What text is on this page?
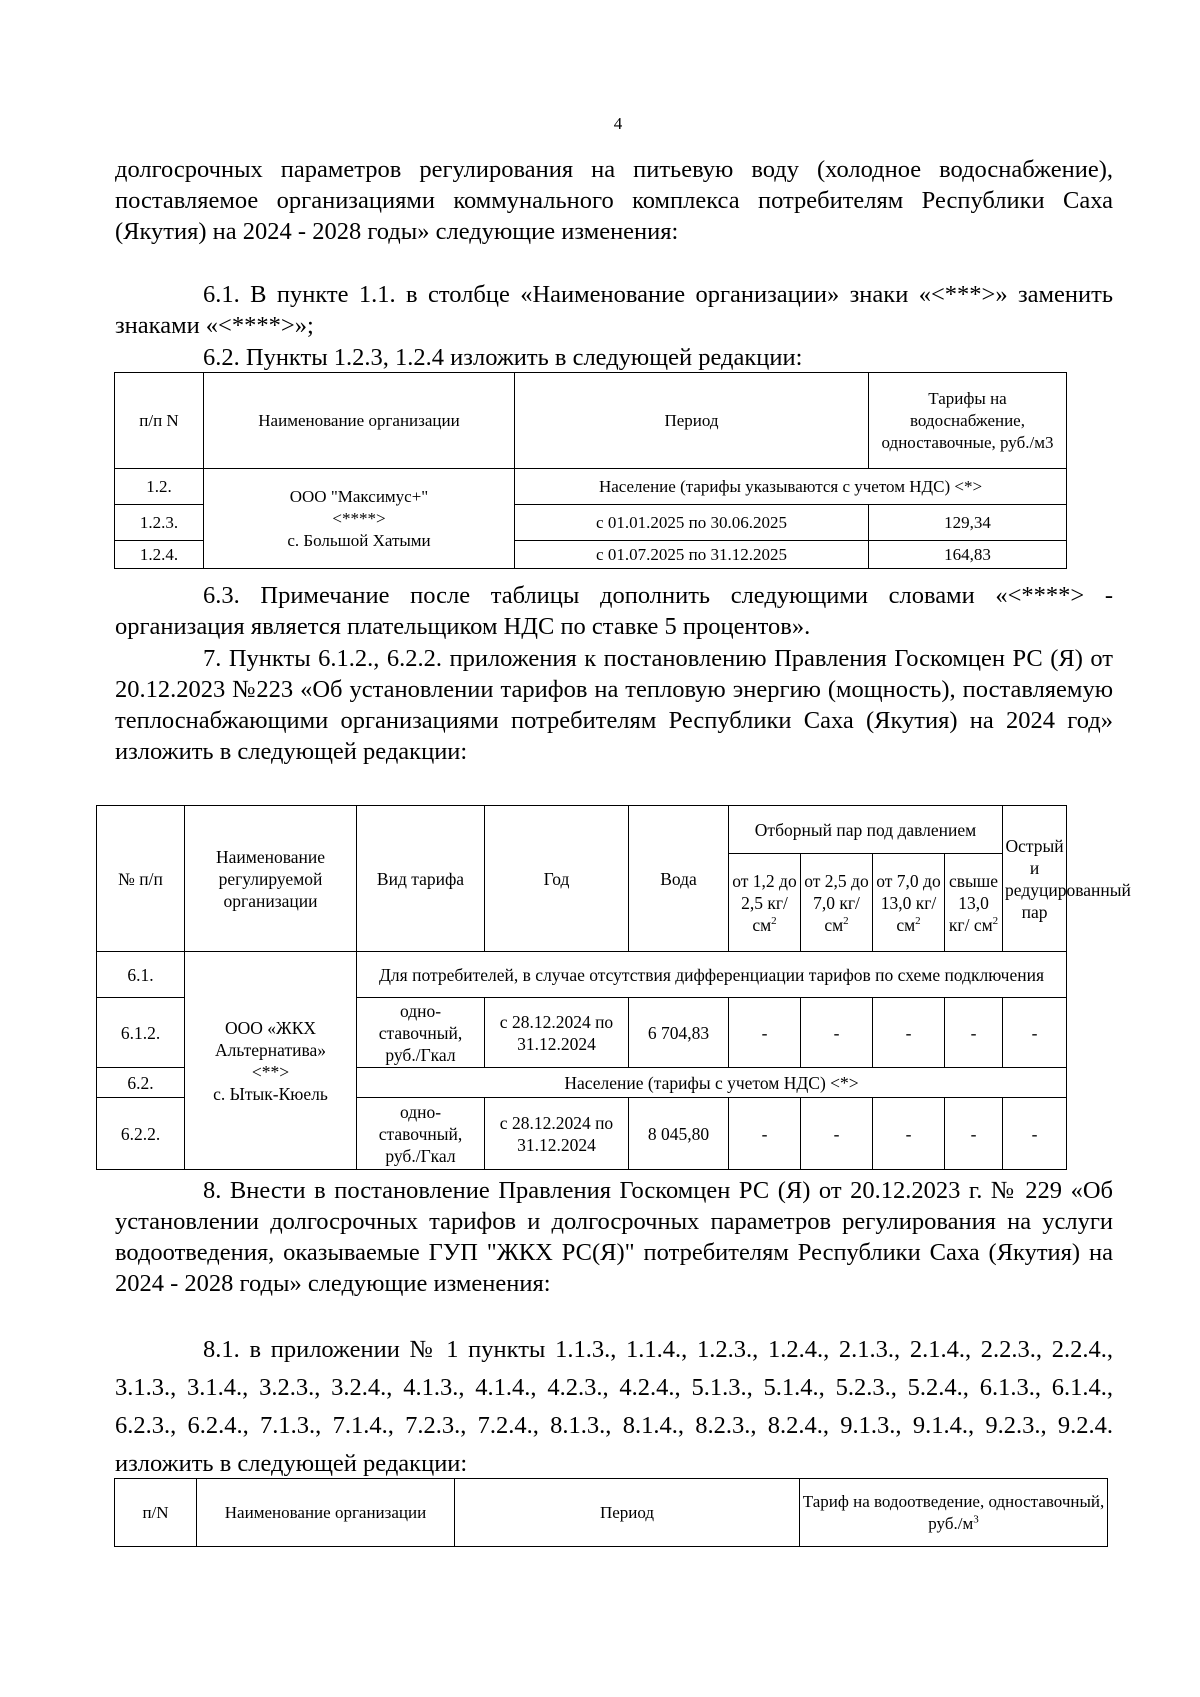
4

долгосрочных параметров регулирования на питьевую воду (холодное водоснабжение), поставляемое организациями коммунального комплекса потребителям Республики Саха (Якутия) на 2024 - 2028 годы» следующие изменения:

6.1. В пункте 1.1. в столбце «Наименование организации» знаки «<***>» заменить знаками «<****>»;

6.2. Пункты 1.2.3, 1.2.4 изложить в следующей редакции:
п/п N	Наименование организации	Период	Тарифы на водоснабжение, одноставочные, руб./м3
1.2.	ООО "Максимус+"
<****>
с. Большой Хатыми	Население (тарифы указываются с учетом НДС) <*>	
1.2.3.		с 01.01.2025 по 30.06.2025	129,34
1.2.4.		с 01.07.2025 по 31.12.2025	164,83

6.3. Примечание после таблицы дополнить следующими словами «<****> - организация является плательщиком НДС по ставке 5 процентов».

7. Пункты 6.1.2., 6.2.2. приложения к постановлению Правления Госкомцен РС (Я) от 20.12.2023 №223 «Об установлении тарифов на тепловую энергию (мощность), поставляемую теплоснабжающими организациями потребителям Республики Саха (Якутия) на 2024 год» изложить в следующей редакции:

№ п/п	Наименование регулируемой организации	Вид тарифа	Год	Вода	Отборный пар под давлением				Острый и редуцированный пар
					от 1,2 до 2,5 кг/ $см^2$	от 2,5 до 7,0 кг/ $см^2$	от 7,0 до 13,0 кг/ $см^2$	свыше 13,0 кг/ $см^2$
6.1.	ООО «ЖКХ Альтернатива»
<**>
с. Ытык-Кюель	Для потребителей, в случае отсутствия дифференциации тарифов по схеме подключения							
6.1.2.		одно-ставочный, руб./Гкал	с 28.12.2024 по 31.12.2024	6 704,83	-	-	-	-	-
6.2.		Население (тарифы с учетом НДС) <*>							
6.2.2.		одно-ставочный, руб./Гкал	с 28.12.2024 по 31.12.2024	8 045,80	-	-	-	-	-

8. Внести в постановление Правления Госкомцен РС (Я) от 20.12.2023 г. № 229 «Об установлении долгосрочных тарифов и долгосрочных параметров регулирования на услуги водоотведения, оказываемые ГУП "ЖКХ РС(Я)" потребителям Республики Саха (Якутия) на 2024 - 2028 годы» следующие изменения:

8.1. в приложении № 1 пункты 1.1.3., 1.1.4., 1.2.3., 1.2.4., 2.1.3., 2.1.4., 2.2.3., 2.2.4., 3.1.3., 3.1.4., 3.2.3., 3.2.4., 4.1.3., 4.1.4., 4.2.3., 4.2.4., 5.1.3., 5.1.4., 5.2.3., 5.2.4., 6.1.3., 6.1.4., 6.2.3., 6.2.4., 7.1.3., 7.1.4., 7.2.3., 7.2.4., 8.1.3., 8.1.4., 8.2.3., 8.2.4., 9.1.3., 9.1.4., 9.2.3., 9.2.4. изложить в следующей редакции:

п/N	Наименование организации	Период	Тариф на водоотведение, одноставочный, $руб./м^3$
